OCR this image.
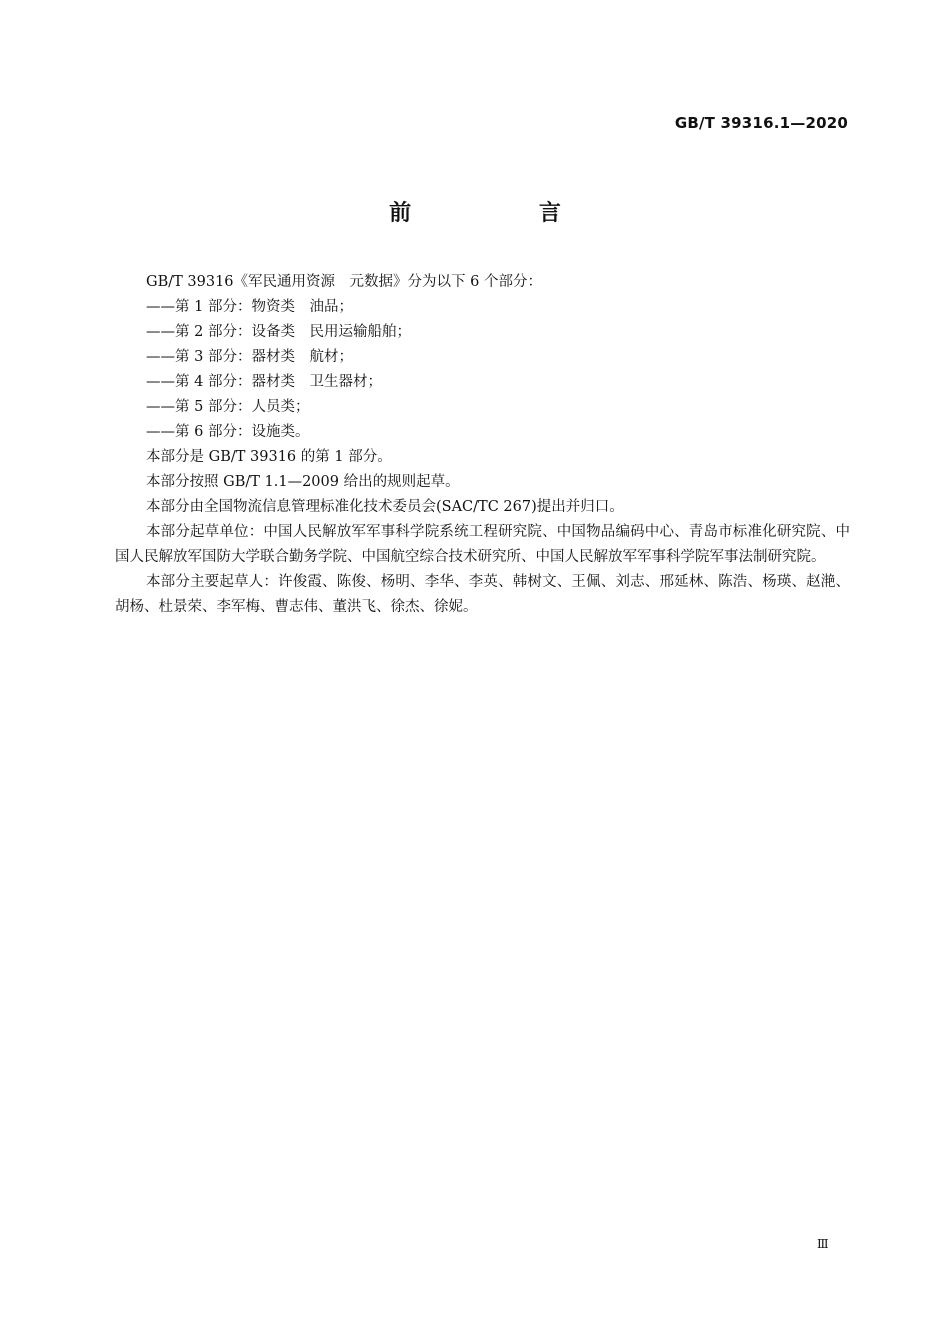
GB/T 39316.1—2020
前 言

GB/T 39316《军民通用资源　元数据》分为以下 6 个部分：

——第 1 部分：物资类　油品；

——第 2 部分：设备类　民用运输船舶；

——第 3 部分：器材类　航材；

——第 4 部分：器材类　卫生器材；

——第 5 部分：人员类；

——第 6 部分：设施类。

本部分是 GB/T 39316 的第 1 部分。

本部分按照 GB/T 1.1—2009 给出的规则起草。

本部分由全国物流信息管理标准化技术委员会(SAC/TC 267)提出并归口。

本部分起草单位：中国人民解放军军事科学院系统工程研究院、中国物品编码中心、青岛市标准化研究院、中国人民解放军国防大学联合勤务学院、中国航空综合技术研究所、中国人民解放军军事科学院军事法制研究院。

本部分主要起草人：许俊霞、陈俊、杨明、李华、李英、韩树文、王佩、刘志、邢延林、陈浩、杨瑛、赵滟、胡杨、杜景荣、李军梅、曹志伟、董洪飞、徐杰、徐妮。

Ⅲ
